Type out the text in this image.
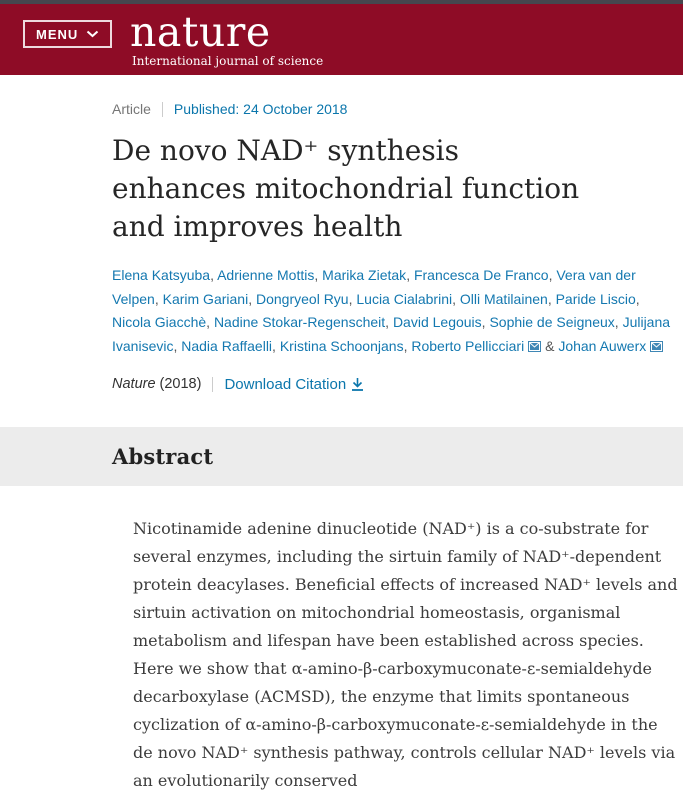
MENU nature
International journal of science
Article Published: 24 October 2018
De novo NAD⁺ synthesis enhances mitochondrial function and improves health

Elena Katsyuba, Adrienne Mottis, Marika Zietak, Francesca De Franco, Vera van der Velpen, Karim Gariani, Dongryeol Ryu, Lucia Cialabrini, Olli Matilainen, Paride Liscio, Nicola Giacchè, Nadine Stokar-Regenscheit, David Legouis, Sophie de Seigneux, Julijana Ivanisevic, Nadia Raffaelli, Kristina Schoonjans, Roberto Pellicciari & Johan Auwerx

Nature (2018) Download Citation
Abstract

Nicotinamide adenine dinucleotide (NAD⁺) is a co-substrate for several enzymes, including the sirtuin family of NAD⁺-dependent protein deacylases. Beneficial effects of increased NAD⁺ levels and sirtuin activation on mitochondrial homeostasis, organismal metabolism and lifespan have been established across species. Here we show that α-amino-β-carboxymuconate-ε-semialdehyde decarboxylase (ACMSD), the enzyme that limits spontaneous cyclization of α-amino-β-carboxymuconate-ε-semialdehyde in the de novo NAD⁺ synthesis pathway, controls cellular NAD⁺ levels via an evolutionarily conserved
